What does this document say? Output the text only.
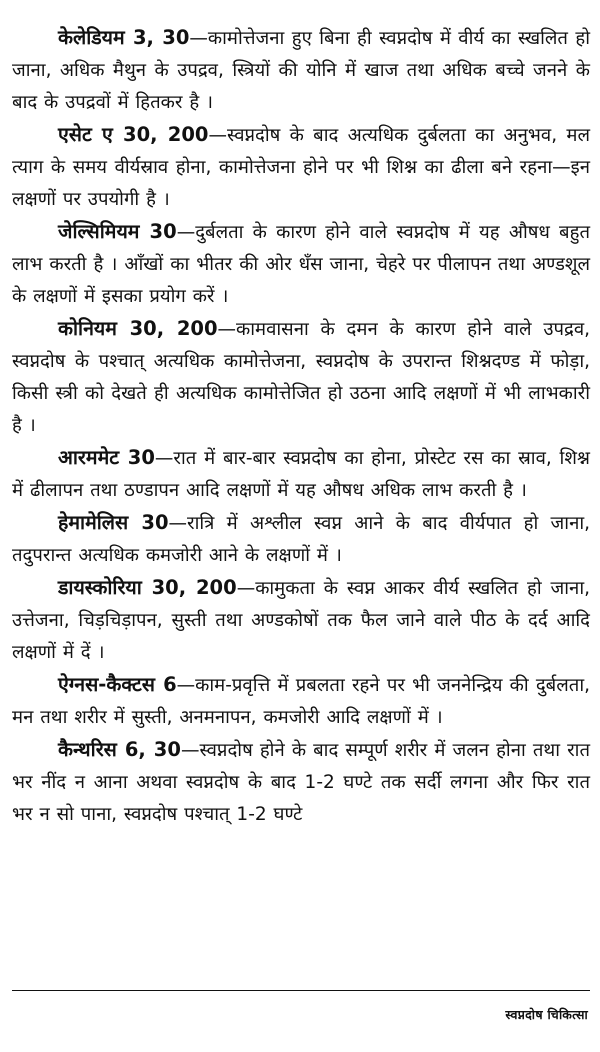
केलेडियम 3, 30—कामोत्तेजना हुए बिना ही स्वप्नदोष में वीर्य का स्खलित हो जाना, अधिक मैथुन के उपद्रव, स्त्रियों की योनि में खाज तथा अधिक बच्चे जनने के बाद के उपद्रवों में हितकर है ।

एसेट ए 30, 200—स्वप्नदोष के बाद अत्यधिक दुर्बलता का अनुभव, मल त्याग के समय वीर्यस्राव होना, कामोत्तेजना होने पर भी शिश्न का ढीला बने रहना—इन लक्षणों पर उपयोगी है ।

जेल्सिमियम 30—दुर्बलता के कारण होने वाले स्वप्नदोष में यह औषध बहुत लाभ करती है । आँखों का भीतर की ओर धँस जाना, चेहरे पर पीलापन तथा अण्डशूल के लक्षणों में इसका प्रयोग करें ।

कोनियम 30, 200—कामवासना के दमन के कारण होने वाले उपद्रव, स्वप्नदोष के पश्चात् अत्यधिक कामोत्तेजना, स्वप्नदोष के उपरान्त शिश्नदण्ड में फोड़ा, किसी स्त्री को देखते ही अत्यधिक कामोत्तेजित हो उठना आदि लक्षणों में भी लाभकारी है ।

आरममेट 30—रात में बार-बार स्वप्नदोष का होना, प्रोस्टेट रस का स्राव, शिश्न में ढीलापन तथा ठण्डापन आदि लक्षणों में यह औषध अधिक लाभ करती है ।

हेमामेलिस 30—रात्रि में अश्लील स्वप्न आने के बाद वीर्यपात हो जाना, तदुपरान्त अत्यधिक कमजोरी आने के लक्षणों में ।

डायस्कोरिया 30, 200—कामुकता के स्वप्न आकर वीर्य स्खलित हो जाना, उत्तेजना, चिड़चिड़ापन, सुस्ती तथा अण्डकोषों तक फैल जाने वाले पीठ के दर्द आदि लक्षणों में दें ।

ऐग्नस-कैक्टस 6—काम-प्रवृत्ति में प्रबलता रहने पर भी जननेन्द्रिय की दुर्बलता, मन तथा शरीर में सुस्ती, अनमनापन, कमजोरी आदि लक्षणों में ।

कैन्थरिस 6, 30—स्वप्नदोष होने के बाद सम्पूर्ण शरीर में जलन होना तथा रात भर नींद न आना अथवा स्वप्नदोष के बाद 1-2 घण्टे तक सर्दी लगना और फिर रात भर न सो पाना, स्वप्नदोष पश्चात् 1-2 घण्टे

स्वप्नदोष चिकित्सा
